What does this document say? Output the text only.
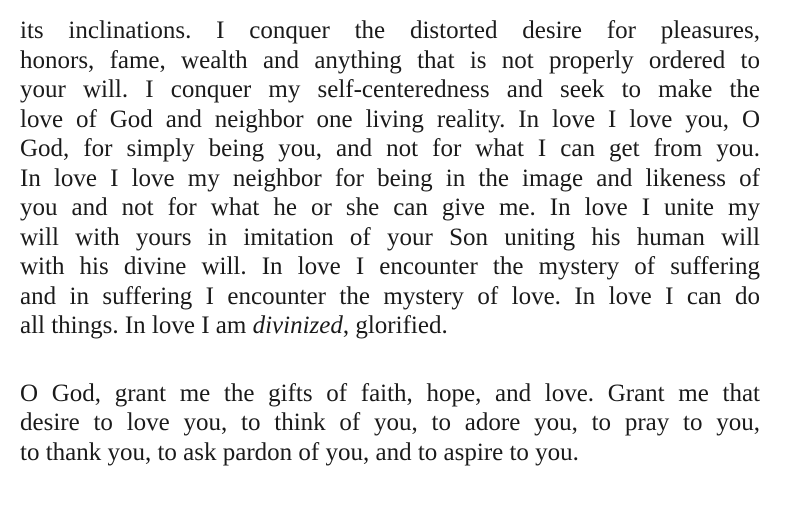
its inclinations. I conquer the distorted desire for pleasures,
honors, fame, wealth and anything that is not properly ordered to
your will. I conquer my self-centeredness and seek to make the
love of God and neighbor one living reality. In love I love you, O
God, for simply being you, and not for what I can get from you.
In love I love my neighbor for being in the image and likeness of
you and not for what he or she can give me. In love I unite my
will with yours in imitation of your Son uniting his human will
with his divine will. In love I encounter the mystery of suffering
and in suffering I encounter the mystery of love. In love I can do
all things. In love I am divinized, glorified.
O God, grant me the gifts of faith, hope, and love. Grant me that
desire to love you, to think of you, to adore you, to pray to you,
to thank you, to ask pardon of you, and to aspire to you.
